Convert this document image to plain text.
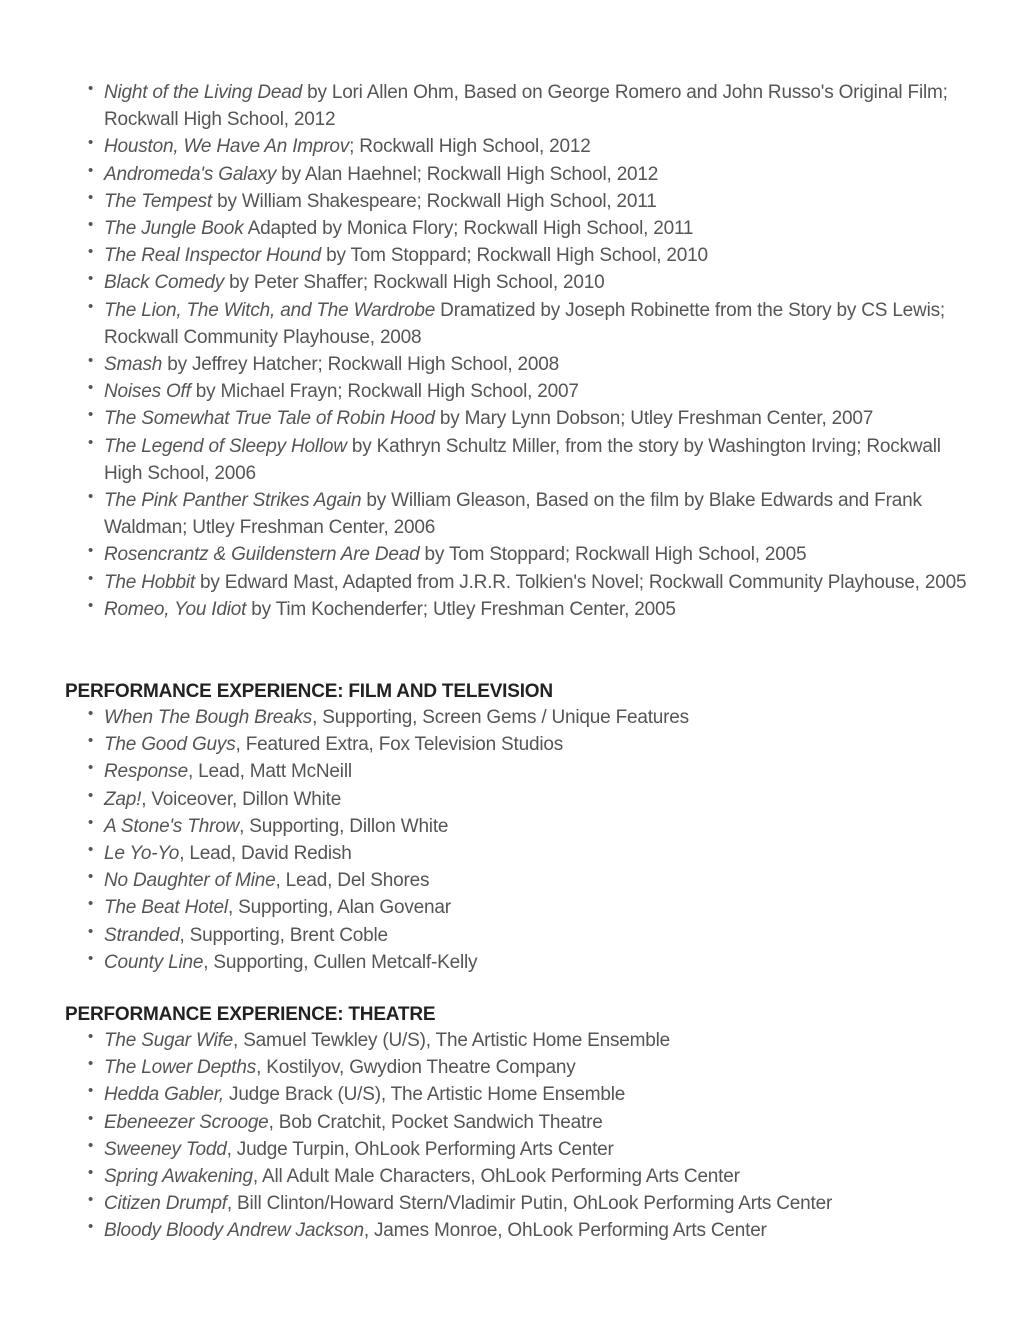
• Night of the Living Dead by Lori Allen Ohm, Based on George Romero and John Russo's Original Film; Rockwall High School, 2012
• Houston, We Have An Improv; Rockwall High School, 2012
• Andromeda's Galaxy by Alan Haehnel; Rockwall High School, 2012
• The Tempest by William Shakespeare; Rockwall High School, 2011
• The Jungle Book Adapted by Monica Flory; Rockwall High School, 2011
• The Real Inspector Hound by Tom Stoppard; Rockwall High School, 2010
• Black Comedy by Peter Shaffer; Rockwall High School, 2010
• The Lion, The Witch, and The Wardrobe Dramatized by Joseph Robinette from the Story by CS Lewis; Rockwall Community Playhouse, 2008
• Smash by Jeffrey Hatcher; Rockwall High School, 2008
• Noises Off by Michael Frayn; Rockwall High School, 2007
• The Somewhat True Tale of Robin Hood by Mary Lynn Dobson; Utley Freshman Center, 2007
• The Legend of Sleepy Hollow by Kathryn Schultz Miller, from the story by Washington Irving; Rockwall High School, 2006
• The Pink Panther Strikes Again by William Gleason, Based on the film by Blake Edwards and Frank Waldman; Utley Freshman Center, 2006
• Rosencrantz & Guildenstern Are Dead by Tom Stoppard; Rockwall High School, 2005
• The Hobbit by Edward Mast, Adapted from J.R.R. Tolkien's Novel; Rockwall Community Playhouse, 2005
• Romeo, You Idiot by Tim Kochenderfer; Utley Freshman Center, 2005
PERFORMANCE EXPERIENCE: FILM AND TELEVISION
• When The Bough Breaks, Supporting, Screen Gems / Unique Features
• The Good Guys, Featured Extra, Fox Television Studios
• Response, Lead, Matt McNeill
• Zap!, Voiceover, Dillon White
• A Stone's Throw, Supporting, Dillon White
• Le Yo-Yo, Lead, David Redish
• No Daughter of Mine, Lead, Del Shores
• The Beat Hotel, Supporting, Alan Govenar
• Stranded, Supporting, Brent Coble
• County Line, Supporting, Cullen Metcalf-Kelly
PERFORMANCE EXPERIENCE: THEATRE
• The Sugar Wife, Samuel Tewkley (U/S), The Artistic Home Ensemble
• The Lower Depths, Kostilyov, Gwydion Theatre Company
• Hedda Gabler, Judge Brack (U/S), The Artistic Home Ensemble
• Ebeneezer Scrooge, Bob Cratchit, Pocket Sandwich Theatre
• Sweeney Todd, Judge Turpin, OhLook Performing Arts Center
• Spring Awakening, All Adult Male Characters, OhLook Performing Arts Center
• Citizen Drumpf, Bill Clinton/Howard Stern/Vladimir Putin, OhLook Performing Arts Center
• Bloody Bloody Andrew Jackson, James Monroe, OhLook Performing Arts Center
